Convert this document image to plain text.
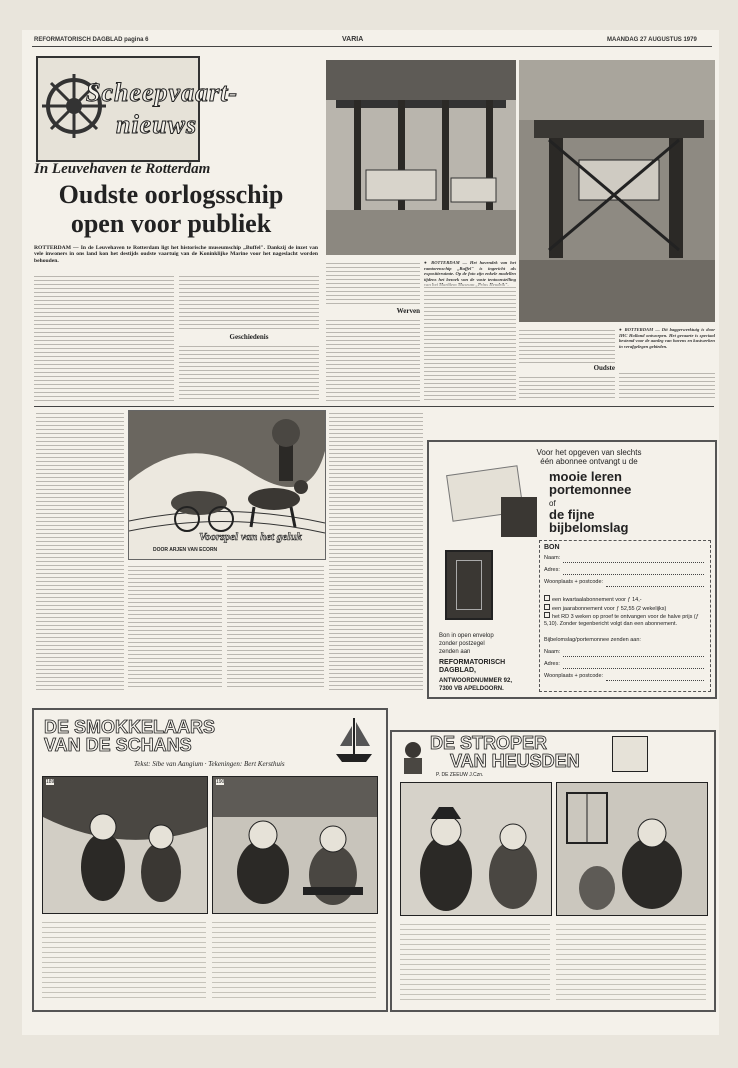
REFORMATORISCH DAGBLAD pagina 6	VARIA	MAANDAG 27 AUGUSTUS 1979
Scheepvaart-
nieuws
In Leuvehaven te Rotterdam
Oudste oorlogsschip
open voor publiek
ROTTERDAM — In de Leuvehaven te Rotterdam ligt het historische museumschip „Buffel". Dankzij de inzet van vele inwoners in ons land kon het destijds oudste vaartuig van de Koninklijke Marine voor het nageslacht worden behouden.
Geschiedenis
Werven
● ROTTERDAM — Het havendek van het ramtorenschip „Buffel" is ingericht als expositieruimte. Op de foto zijn enkele modellen tijdens het bezoek van de vaste tentoonstelling
Oudste
● ROTTERDAM — Dit baggerwerktuig is door IHC Holland ontworpen. Het gevaarte is speciaal bestemd voor de aanleg van havens en kustwerken in verafgelegen gebieden.
Voorspel van het geluk
DOOR ARJEN VAN ECORN
Voor het opgeven van slechts
één abonnee ontvangt u de
mooie leren
portemonnee
of
de fijne
bijbelomslag
Bon in open envelop
zonder postzegel
zenden aan
REFORMATORISCH
DAGBLAD,
ANTWOORDNUMMER 92,
7300 VB APELDOORN.
BON
Naam:
Adres:
Woonplaats + postcode:
een kwartaalabonnement voor ƒ 14,-
een jaarabonnement voor ƒ 52,55 (2 wekelijks)
het RD 3 weken op proef te ontvangen voor de halve prijs (ƒ 5,10). Zonder tegenbericht volgt dan een abonnement.
Bijbelomslag/portemonnee zenden aan:
Naam:
Adres:
Woonplaats + postcode:
DE SMOKKELAARS
VAN DE SCHANS
Tekst: Sibe van Aangium · Tekeningen: Bert Kersthuis
189	190
DE STROPER
VAN HEUSDEN
P. DE ZEEUW J.Czn.
